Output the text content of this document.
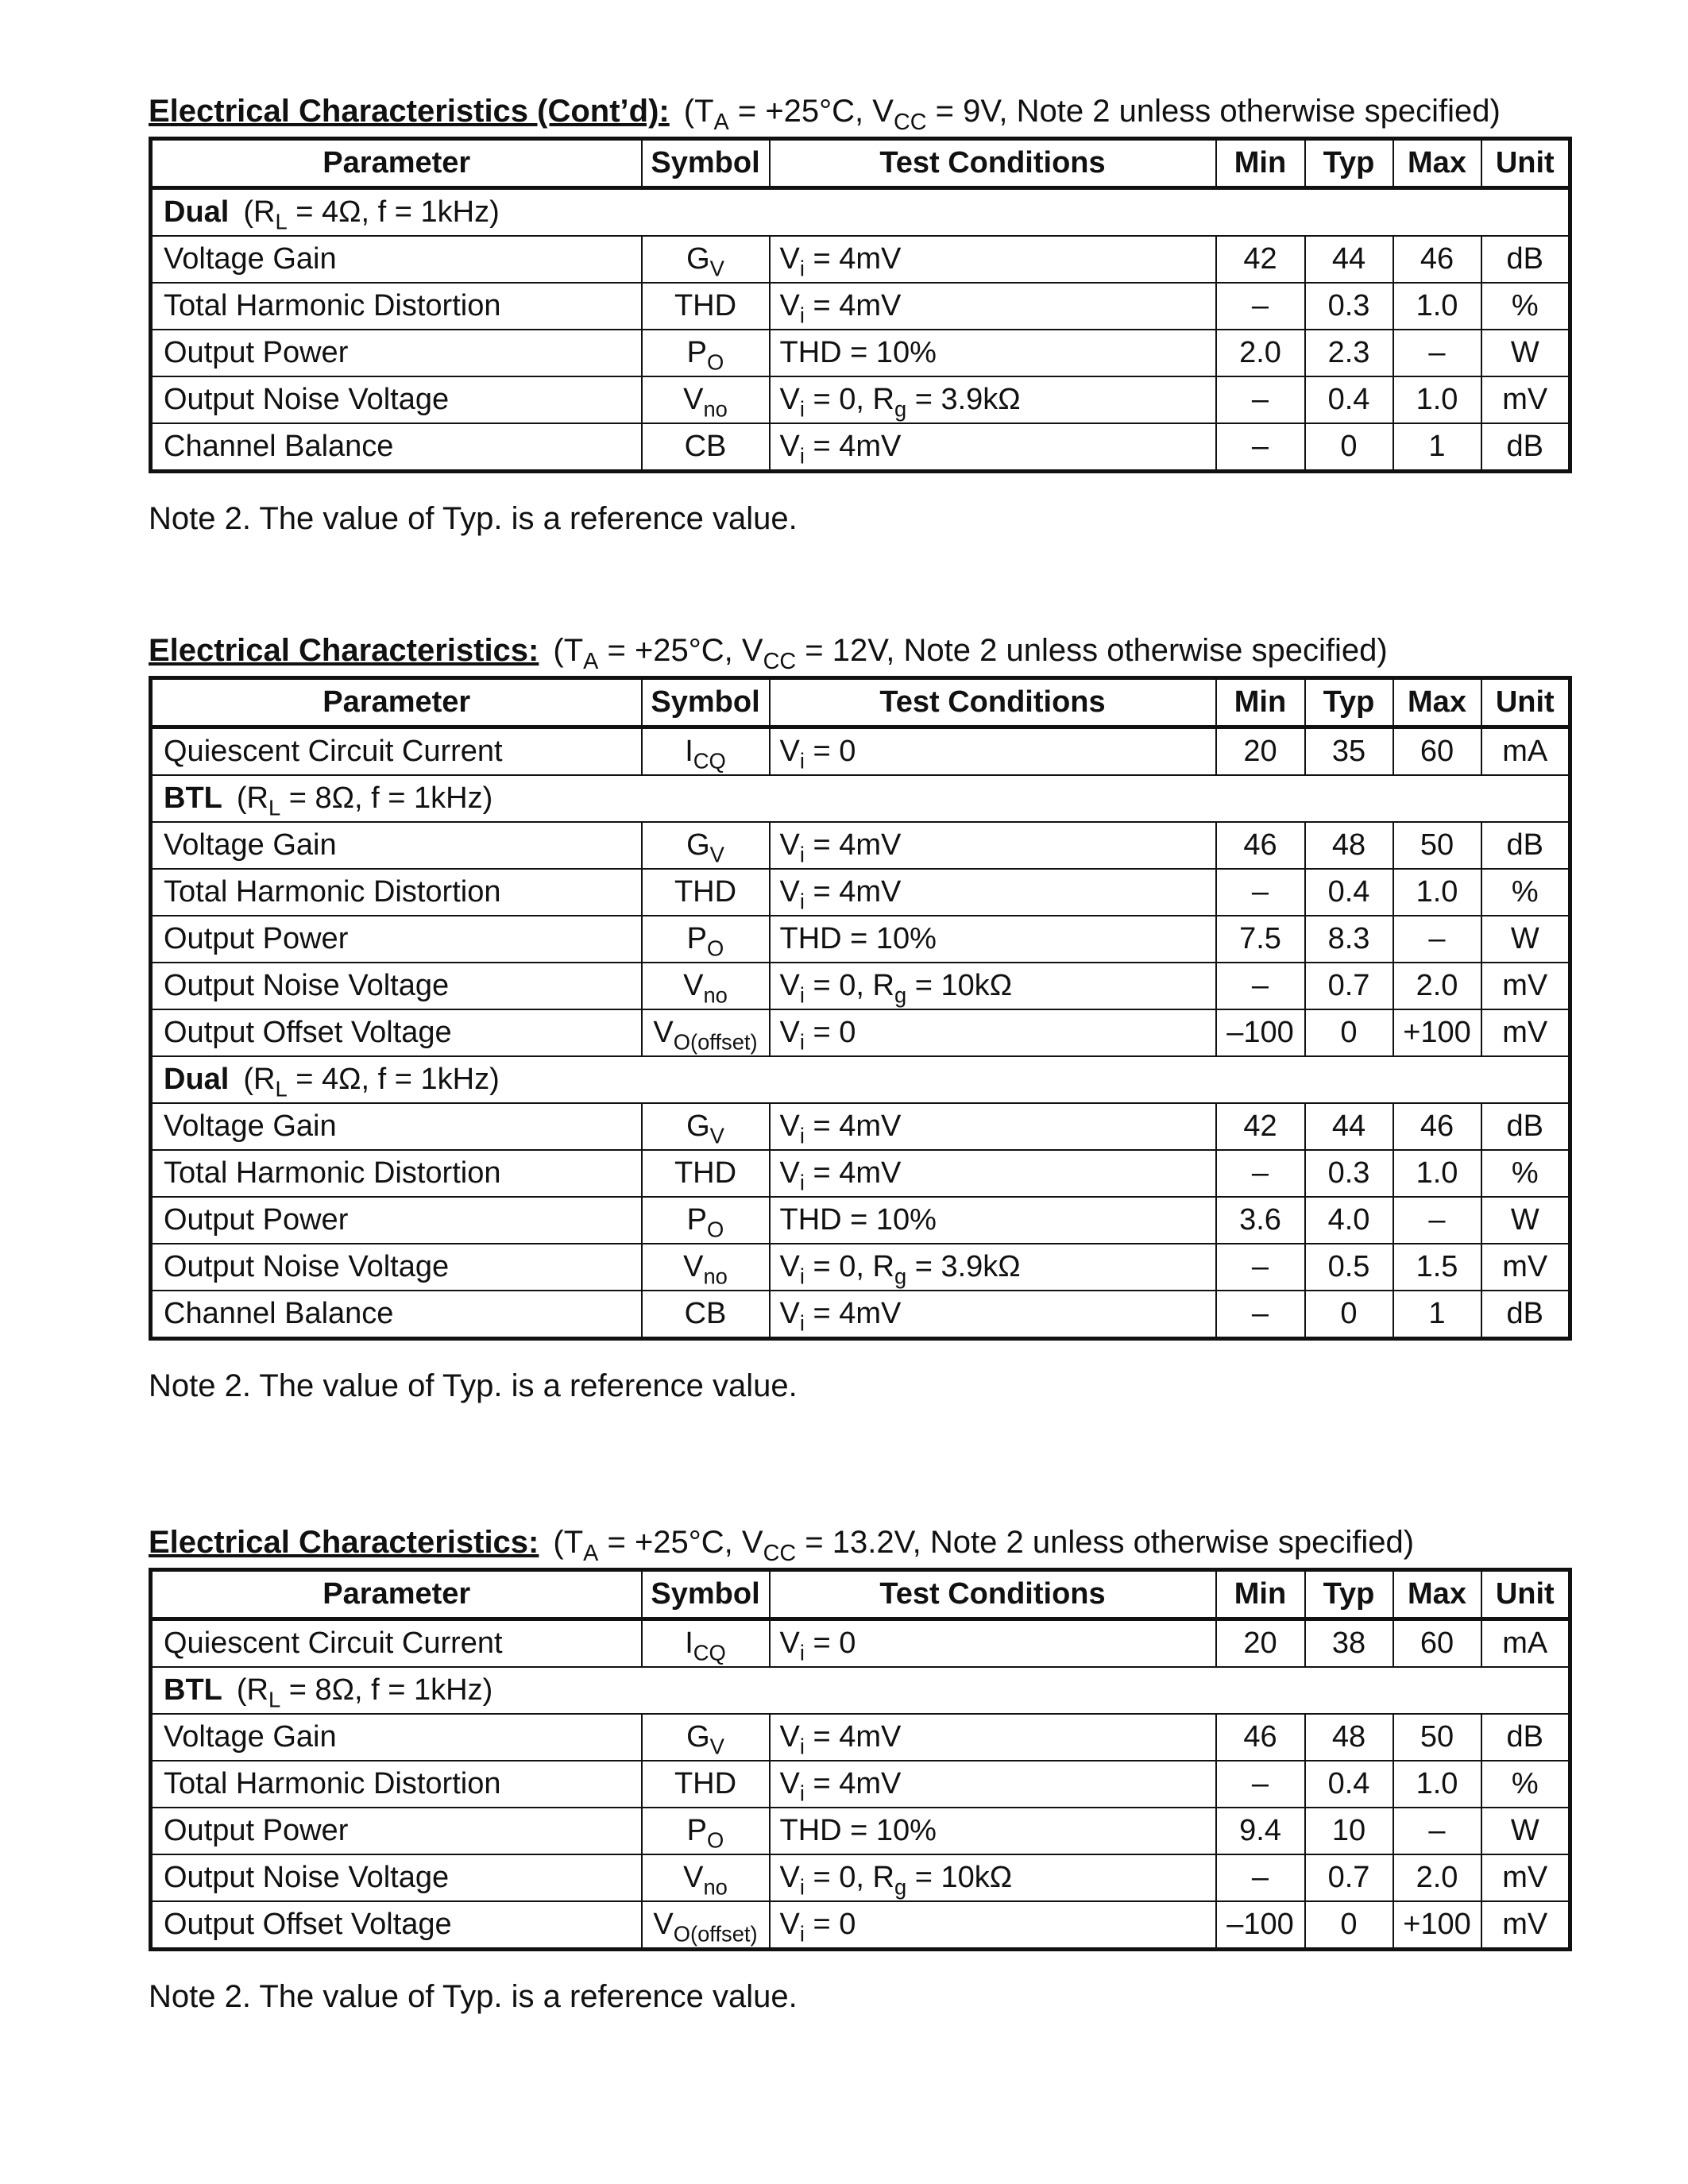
Electrical Characteristics (Cont’d): ($T_A = +25^\circ C$, $V_{CC} = 9V$, Note 2 unless otherwise specified)
Parameter	Symbol	Test Conditions	Min	Typ	Max	Unit
Dual ($R_L = 4\Omega$, f = 1kHz)						
Voltage Gain	$G_V$	$V_i = 4mV$	42	44	46	dB
Total Harmonic Distortion	THD	$V_i = 4mV$	–	0.3	1.0	%
Output Power	$P_O$	THD = 10%	2.0	2.3	–	W
Output Noise Voltage	$V_{no}$	$V_i = 0$, $R_g = 3.9k\Omega$	–	0.4	1.0	mV
Channel Balance	CB	$V_i = 4mV$	–	0	1	dB
Note 2. The value of Typ. is a reference value.
Electrical Characteristics: ($T_A = +25^\circ C$, $V_{CC} = 12V$, Note 2 unless otherwise specified)
Parameter	Symbol	Test Conditions	Min	Typ	Max	Unit
Quiescent Circuit Current	$I_{CQ}$	$V_i = 0$	20	35	60	mA
BTL ($R_L = 8\Omega$, f = 1kHz)						
Voltage Gain	$G_V$	$V_i = 4mV$	46	48	50	dB
Total Harmonic Distortion	THD	$V_i = 4mV$	–	0.4	1.0	%
Output Power	$P_O$	THD = 10%	7.5	8.3	–	W
Output Noise Voltage	$V_{no}$	$V_i = 0$, $R_g = 10k\Omega$	–	0.7	2.0	mV
Output Offset Voltage	$V_{O(offset)}$	$V_i = 0$	–100	0	+100	mV
Dual ($R_L = 4\Omega$, f = 1kHz)						
Voltage Gain	$G_V$	$V_i = 4mV$	42	44	46	dB
Total Harmonic Distortion	THD	$V_i = 4mV$	–	0.3	1.0	%
Output Power	$P_O$	THD = 10%	3.6	4.0	–	W
Output Noise Voltage	$V_{no}$	$V_i = 0$, $R_g = 3.9k\Omega$	–	0.5	1.5	mV
Channel Balance	CB	$V_i = 4mV$	–	0	1	dB
Note 2. The value of Typ. is a reference value.
Electrical Characteristics: ($T_A = +25^\circ C$, $V_{CC} = 13.2V$, Note 2 unless otherwise specified)
Parameter	Symbol	Test Conditions	Min	Typ	Max	Unit
Quiescent Circuit Current	$I_{CQ}$	$V_i = 0$	20	38	60	mA
BTL ($R_L = 8\Omega$, f = 1kHz)						
Voltage Gain	$G_V$	$V_i = 4mV$	46	48	50	dB
Total Harmonic Distortion	THD	$V_i = 4mV$	–	0.4	1.0	%
Output Power	$P_O$	THD = 10%	9.4	10	–	W
Output Noise Voltage	$V_{no}$	$V_i = 0$, $R_g = 10k\Omega$	–	0.7	2.0	mV
Output Offset Voltage	$V_{O(offset)}$	$V_i = 0$	–100	0	+100	mV
Note 2. The value of Typ. is a reference value.
